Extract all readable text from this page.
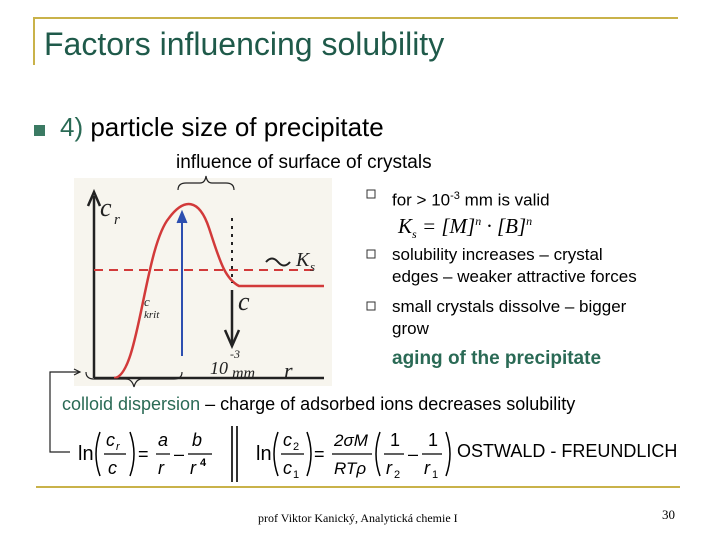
Factors influencing solubility
4) particle size of precipitate
influence of surface of crystals
c r
K s
c
c
krit
10
-3
mm r
for > $10^{-3}$ mm is valid
$K_s = [M]^n \cdot [B]^n$
solubility increases – crystal
edges – weaker attractive forces
small crystals dissolve – bigger
grow
aging of the precipitate
colloid dispersion – charge of adsorbed ions decreases solubility
ln
c r
c
=
a
r
–
b
r 4 ln
c 2
c 1
=
2σM
RTρ
1
r 2
–
1
r 1
OSTWALD - FREUNDLICH
prof Viktor Kanický, Analytická chemie I	30
